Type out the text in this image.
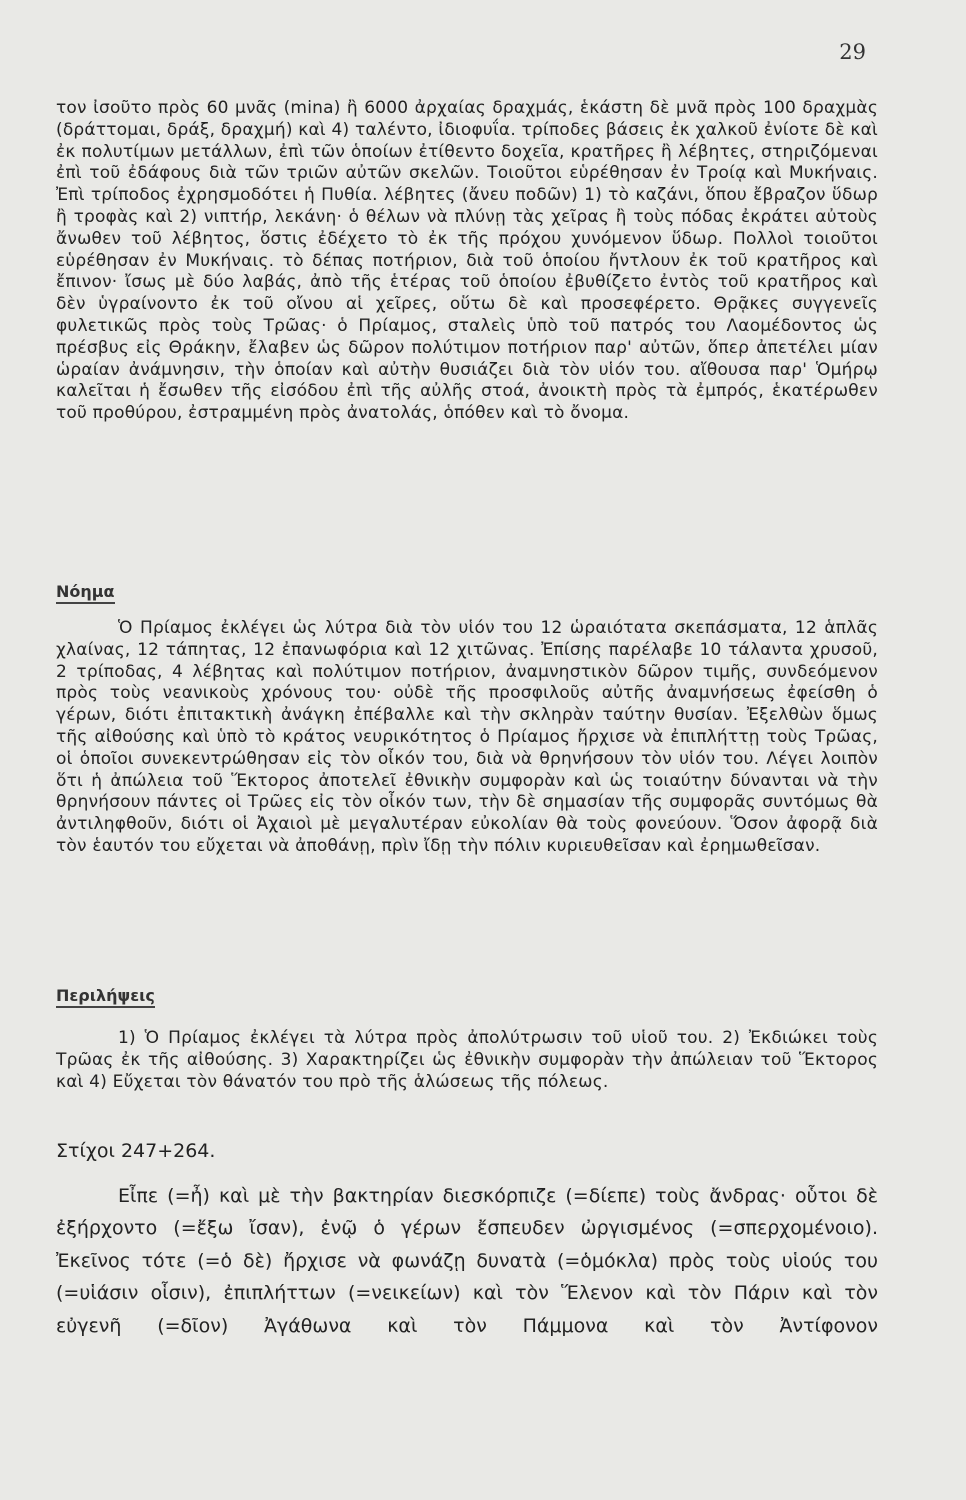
29

τον ἰσοῦτο πρὸς 60 μνᾶς (mina) ἢ 6000 ἀρχαίας δραχμάς, ἑκάστη δὲ μνᾶ πρὸς 100 δραχμὰς (δράττομαι, δράξ, δραχμή) καὶ 4) ταλέντο, ἰδιοφυΐα. τρίποδες βάσεις ἐκ χαλκοῦ ἐνίοτε δὲ καὶ ἐκ πολυτίμων μετάλλων, ἐπὶ τῶν ὁποίων ἐτίθεντο δοχεῖα, κρατῆρες ἢ λέβητες, στηριζόμεναι ἐπὶ τοῦ ἐδάφους διὰ τῶν τριῶν αὐτῶν σκελῶν. Τοιοῦτοι εὑρέθησαν ἐν Τροίᾳ καὶ Μυκήναις. Ἐπὶ τρίποδος ἐχρησμοδότει ἡ Πυθία. λέβητες (ἄνευ ποδῶν) 1) τὸ καζάνι, ὅπου ἔβραζον ὕδωρ ἢ τροφὰς καὶ 2) νιπτήρ, λεκάνη· ὁ θέλων νὰ πλύνῃ τὰς χεῖρας ἢ τοὺς πόδας ἐκράτει αὐτοὺς ἄνωθεν τοῦ λέβητος, ὅστις ἐδέχετο τὸ ἐκ τῆς πρόχου χυνόμενον ὕδωρ. Πολλοὶ τοιοῦτοι εὑρέθησαν ἐν Μυκήναις. τὸ δέπας ποτήριον, διὰ τοῦ ὁποίου ἤντλουν ἐκ τοῦ κρατῆρος καὶ ἔπινον· ἴσως μὲ δύο λαβάς, ἀπὸ τῆς ἑτέρας τοῦ ὁποίου ἐβυθίζετο ἐντὸς τοῦ κρατῆρος καὶ δὲν ὑγραίνοντο ἐκ τοῦ οἴνου αἱ χεῖρες, οὕτω δὲ καὶ προσεφέρετο. Θρᾷκες συγγενεῖς φυλετικῶς πρὸς τοὺς Τρῶας· ὁ Πρίαμος, σταλεὶς ὑπὸ τοῦ πατρός του Λαομέδοντος ὡς πρέσβυς εἰς Θράκην, ἔλαβεν ὡς δῶρον πολύτιμον ποτήριον παρ' αὐτῶν, ὅπερ ἀπετέλει μίαν ὡραίαν ἀνάμνησιν, τὴν ὁποίαν καὶ αὐτὴν θυσιάζει διὰ τὸν υἱόν του. αἴθουσα παρ' Ὁμήρῳ καλεῖται ἡ ἔσωθεν τῆς εἰσόδου ἐπὶ τῆς αὐλῆς στοά, ἀνοικτὴ πρὸς τὰ ἐμπρός, ἑκατέρωθεν τοῦ προθύρου, ἐστραμμένη πρὸς ἀνατολάς, ὁπόθεν καὶ τὸ ὄνομα.

Νόημα

Ὁ Πρίαμος ἐκλέγει ὡς λύτρα διὰ τὸν υἱόν του 12 ὡραιότατα σκεπάσματα, 12 ἁπλᾶς χλαίνας, 12 τάπητας, 12 ἐπανωφόρια καὶ 12 χιτῶνας. Ἐπίσης παρέλαβε 10 τάλαντα χρυσοῦ, 2 τρίποδας, 4 λέβητας καὶ πολύτιμον ποτήριον, ἀναμνηστικὸν δῶρον τιμῆς, συνδεόμενον πρὸς τοὺς νεανικοὺς χρόνους του· οὐδὲ τῆς προσφιλοῦς αὐτῆς ἀναμνήσεως ἐφείσθη ὁ γέρων, διότι ἐπιτακτικὴ ἀνάγκη ἐπέβαλλε καὶ τὴν σκληρὰν ταύτην θυσίαν. Ἐξελθὼν ὅμως τῆς αἰθούσης καὶ ὑπὸ τὸ κράτος νευρικότητος ὁ Πρίαμος ἤρχισε νὰ ἐπιπλήττῃ τοὺς Τρῶας, οἱ ὁποῖοι συνεκεντρώθησαν εἰς τὸν οἶκόν του, διὰ νὰ θρηνήσουν τὸν υἱόν του. Λέγει λοιπὸν ὅτι ἡ ἀπώλεια τοῦ Ἕκτορος ἀποτελεῖ ἐθνικὴν συμφορὰν καὶ ὡς τοιαύτην δύνανται νὰ τὴν θρηνήσουν πάντες οἱ Τρῶες εἰς τὸν οἶκόν των, τὴν δὲ σημασίαν τῆς συμφορᾶς συντόμως θὰ ἀντιληφθοῦν, διότι οἱ Ἀχαιοὶ μὲ μεγαλυτέραν εὐκολίαν θὰ τοὺς φονεύουν. Ὅσον ἀφορᾷ διὰ τὸν ἑαυτόν του εὔχεται νὰ ἀποθάνῃ, πρὶν ἴδῃ τὴν πόλιν κυριευθεῖσαν καὶ ἐρημωθεῖσαν.

Περιλήψεις

1) Ὁ Πρίαμος ἐκλέγει τὰ λύτρα πρὸς ἀπολύτρωσιν τοῦ υἱοῦ του. 2) Ἐκδιώκει τοὺς Τρῶας ἐκ τῆς αἰθούσης. 3) Χαρακτηρίζει ὡς ἐθνικὴν συμφορὰν τὴν ἀπώλειαν τοῦ Ἕκτορος καὶ 4) Εὔχεται τὸν θάνατόν του πρὸ τῆς ἁλώσεως τῆς πόλεως.

Στίχοι 247+264.

Εἶπε (=ἦ) καὶ μὲ τὴν βακτηρίαν διεσκόρπιζε (=δίεπε) τοὺς ἄνδρας· οὗτοι δὲ ἐξήρχοντο (=ἔξω ἴσαν), ἐνῷ ὁ γέρων ἔσπευδεν ὠργισμένος (=σπερχομένοιο). Ἐκεῖνος τότε (=ὁ δὲ) ἤρχισε νὰ φωνάζῃ δυνατὰ (=ὁμόκλα) πρὸς τοὺς υἱούς του (=υἱάσιν οἷσιν), ἐπιπλήττων (=νεικείων) καὶ τὸν Ἕλενον καὶ τὸν Πάριν καὶ τὸν εὐγενῆ (=δῖον) Ἀγάθωνα καὶ τὸν Πάμμονα καὶ τὸν Ἀντίφονον
